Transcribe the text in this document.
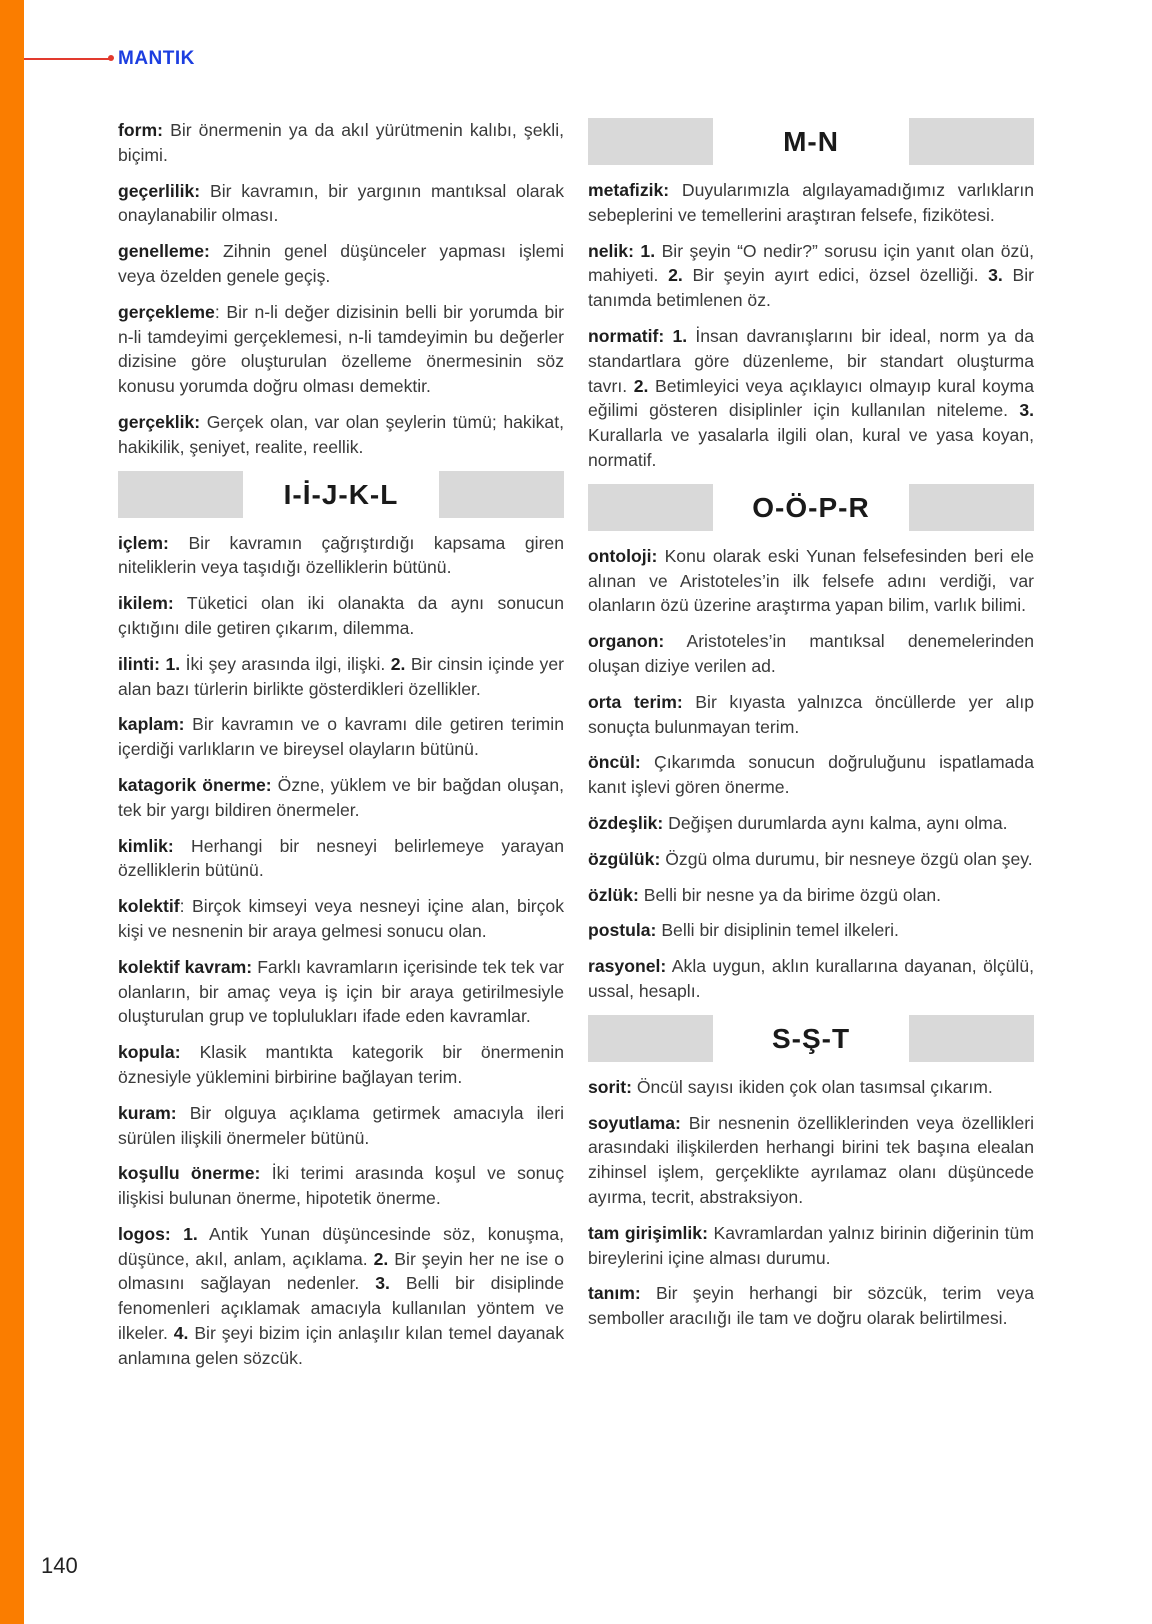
MANTIK

form: Bir önermenin ya da akıl yürütmenin kalıbı, şekli, biçimi.

geçerlilik: Bir kavramın, bir yargının mantıksal olarak onaylanabilir olması.

genelleme: Zihnin genel düşünceler yapması işlemi veya özelden genele geçiş.

gerçekleme: Bir n-li değer dizisinin belli bir yorumda bir n-li tamdeyimi gerçeklemesi, n-li tamdeyimin bu değerler dizisine göre oluşturulan özelleme önermesinin söz konusu yorumda doğru olması demektir.

gerçeklik: Gerçek olan, var olan şeylerin tümü; hakikat, hakikilik, şeniyet, realite, reellik.

I-İ-J-K-L

içlem: Bir kavramın çağrıştırdığı kapsama giren niteliklerin veya taşıdığı özelliklerin bütünü.

ikilem: Tüketici olan iki olanakta da aynı sonucun çıktığını dile getiren çıkarım, dilemma.

ilinti: 1. İki şey arasında ilgi, ilişki. 2. Bir cinsin içinde yer alan bazı türlerin birlikte gösterdikleri özellikler.

kaplam: Bir kavramın ve o kavramı dile getiren terimin içerdiği varlıkların ve bireysel olayların bütünü.

katagorik önerme: Özne, yüklem ve bir bağdan oluşan, tek bir yargı bildiren önermeler.

kimlik: Herhangi bir nesneyi belirlemeye yarayan özelliklerin bütünü.

kolektif: Birçok kimseyi veya nesneyi içine alan, birçok kişi ve nesnenin bir araya gelmesi sonucu olan.

kolektif kavram: Farklı kavramların içerisinde tek tek var olanların, bir amaç veya iş için bir araya getirilmesiyle oluşturulan grup ve toplulukları ifade eden kavramlar.

kopula: Klasik mantıkta kategorik bir önermenin öznesiyle yüklemini birbirine bağlayan terim.

kuram: Bir olguya açıklama getirmek amacıyla ileri sürülen ilişkili önermeler bütünü.

koşullu önerme: İki terimi arasında koşul ve sonuç ilişkisi bulunan önerme, hipotetik önerme.

logos: 1. Antik Yunan düşüncesinde söz, konuşma, düşünce, akıl, anlam, açıklama. 2. Bir şeyin her ne ise o olmasını sağlayan nedenler. 3. Belli bir disiplinde fenomenleri açıklamak amacıyla kullanılan yöntem ve ilkeler. 4. Bir şeyi bizim için anlaşılır kılan temel dayanak anlamına gelen sözcük.

M-N

metafizik: Duyularımızla algılayamadığımız varlıkların sebeplerini ve temellerini araştıran felsefe, fizikötesi.

nelik: 1. Bir şeyin “O nedir?” sorusu için yanıt olan özü, mahiyeti. 2. Bir şeyin ayırt edici, özsel özelliği. 3. Bir tanımda betimlenen öz.

normatif: 1. İnsan davranışlarını bir ideal, norm ya da standartlara göre düzenleme, bir standart oluşturma tavrı. 2. Betimleyici veya açıklayıcı olmayıp kural koyma eğilimi gösteren disiplinler için kullanılan niteleme. 3. Kurallarla ve yasalarla ilgili olan, kural ve yasa koyan, normatif.

O-Ö-P-R

ontoloji: Konu olarak eski Yunan felsefesinden beri ele alınan ve Aristoteles’in ilk felsefe adını verdiği, var olanların özü üzerine araştırma yapan bilim, varlık bilimi.

organon: Aristoteles’in mantıksal denemelerinden oluşan diziye verilen ad.

orta terim: Bir kıyasta yalnızca öncüllerde yer alıp sonuçta bulunmayan terim.

öncül: Çıkarımda sonucun doğruluğunu ispatlamada kanıt işlevi gören önerme.

özdeşlik: Değişen durumlarda aynı kalma, aynı olma.

özgülük: Özgü olma durumu, bir nesneye özgü olan şey.

özlük: Belli bir nesne ya da birime özgü olan.

postula: Belli bir disiplinin temel ilkeleri.

rasyonel: Akla uygun, aklın kurallarına dayanan, ölçülü, ussal, hesaplı.

S-Ş-T

sorit: Öncül sayısı ikiden çok olan tasımsal çıkarım.

soyutlama: Bir nesnenin özelliklerinden veya özellikleri arasındaki ilişkilerden herhangi birini tek başına elealan zihinsel işlem, gerçeklikte ayrılamaz olanı düşüncede ayırma, tecrit, abstraksiyon.

tam girişimlik: Kavramlardan yalnız birinin diğerinin tüm bireylerini içine alması durumu.

tanım: Bir şeyin herhangi bir sözcük, terim veya semboller aracılığı ile tam ve doğru olarak belirtilmesi.

140
